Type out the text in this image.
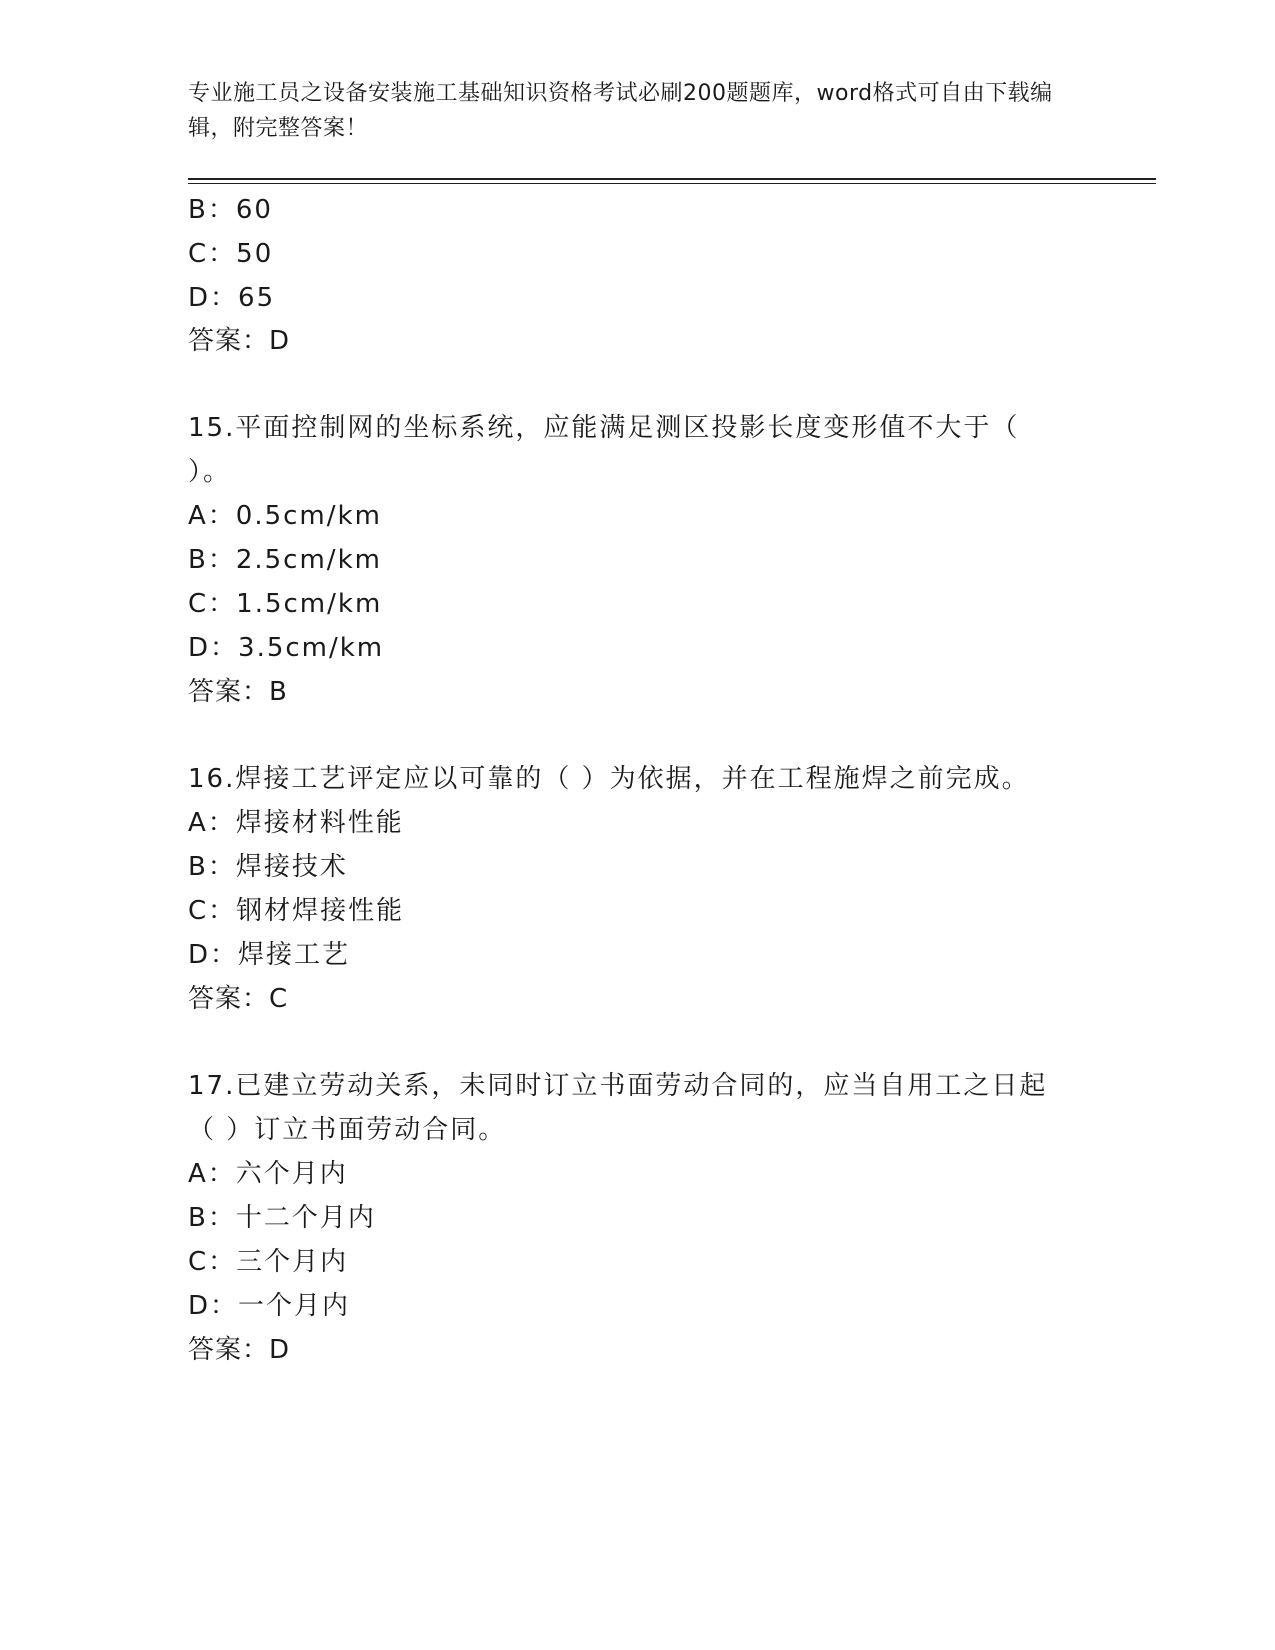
专业施工员之设备安装施工基础知识资格考试必刷200题题库，word格式可自由下载编辑，附完整答案！
B：60
C：50
D：65
答案：D
15.平面控制网的坐标系统，应能满足测区投影长度变形值不大于（
）。
A：0.5cm/km
B：2.5cm/km
C：1.5cm/km
D：3.5cm/km
答案：B
16.焊接工艺评定应以可靠的（ ）为依据，并在工程施焊之前完成。
A：焊接材料性能
B：焊接技术
C：钢材焊接性能
D：焊接工艺
答案：C
17.已建立劳动关系，未同时订立书面劳动合同的，应当自用工之日起
（ ）订立书面劳动合同。
A：六个月内
B：十二个月内
C：三个月内
D：一个月内
答案：D
